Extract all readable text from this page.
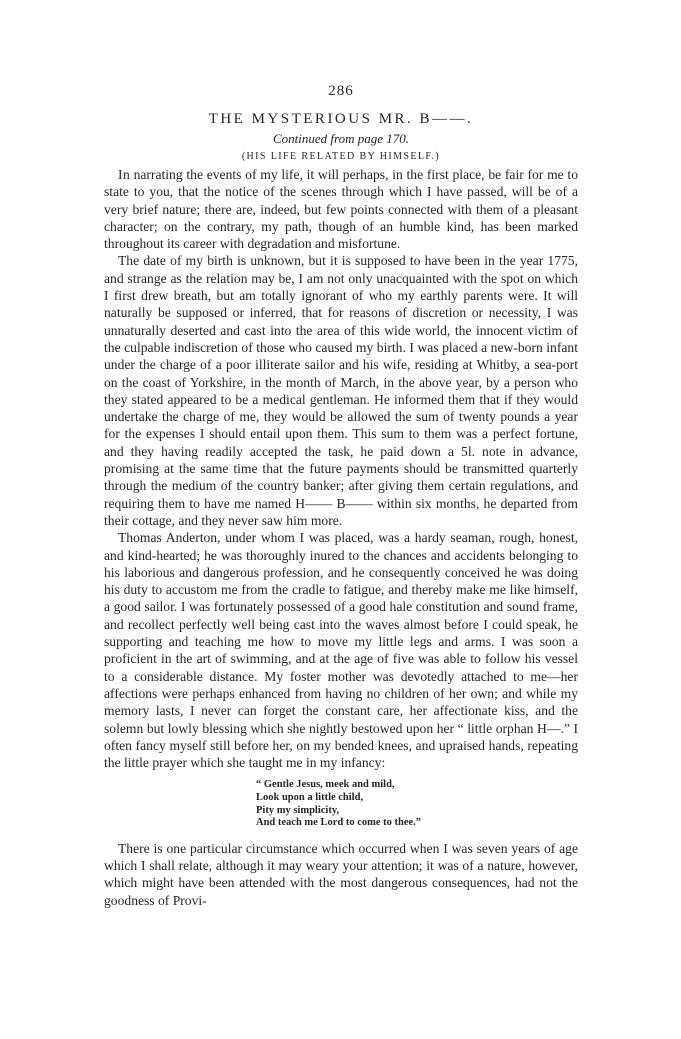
286
THE MYSTERIOUS MR. B——.
Continued from page 170.
(HIS LIFE RELATED BY HIMSELF.)

In narrating the events of my life, it will perhaps, in the first place, be fair for me to state to you, that the notice of the scenes through which I have passed, will be of a very brief nature; there are, indeed, but few points connected with them of a pleasant character; on the contrary, my path, though of an humble kind, has been marked throughout its career with degradation and misfortune.

The date of my birth is unknown, but it is supposed to have been in the year 1775, and strange as the relation may be, I am not only unacquainted with the spot on which I first drew breath, but am totally ignorant of who my earthly parents were. It will naturally be supposed or inferred, that for reasons of discretion or necessity, I was unnaturally deserted and cast into the area of this wide world, the innocent victim of the culpable indiscretion of those who caused my birth. I was placed a new-born infant under the charge of a poor illiterate sailor and his wife, residing at Whitby, a sea-port on the coast of Yorkshire, in the month of March, in the above year, by a person who they stated appeared to be a medical gentleman. He informed them that if they would undertake the charge of me, they would be allowed the sum of twenty pounds a year for the expenses I should entail upon them. This sum to them was a perfect fortune, and they having readily accepted the task, he paid down a 5l. note in advance, promising at the same time that the future payments should be transmitted quarterly through the medium of the country banker; after giving them certain regulations, and requiring them to have me named H—— B—— within six months, he departed from their cottage, and they never saw him more.

Thomas Anderton, under whom I was placed, was a hardy seaman, rough, honest, and kind-hearted; he was thoroughly inured to the chances and accidents belonging to his laborious and dangerous profession, and he consequently conceived he was doing his duty to accustom me from the cradle to fatigue, and thereby make me like himself, a good sailor. I was fortunately possessed of a good hale constitution and sound frame, and recollect perfectly well being cast into the waves almost before I could speak, he supporting and teaching me how to move my little legs and arms. I was soon a proficient in the art of swimming, and at the age of five was able to follow his vessel to a considerable distance. My foster mother was devotedly attached to me—her affections were perhaps enhanced from having no children of her own; and while my memory lasts, I never can forget the constant care, her affectionate kiss, and the solemn but lowly blessing which she nightly bestowed upon her “ little orphan H—.” I often fancy myself still before her, on my bended knees, and upraised hands, repeating the little prayer which she taught me in my infancy:

“ Gentle Jesus, meek and mild,
Look upon a little child,
Pity my simplicity,
And teach me Lord to come to thee.”

There is one particular circumstance which occurred when I was seven years of age which I shall relate, although it may weary your attention; it was of a nature, however, which might have been attended with the most dangerous consequences, had not the goodness of Provi-
